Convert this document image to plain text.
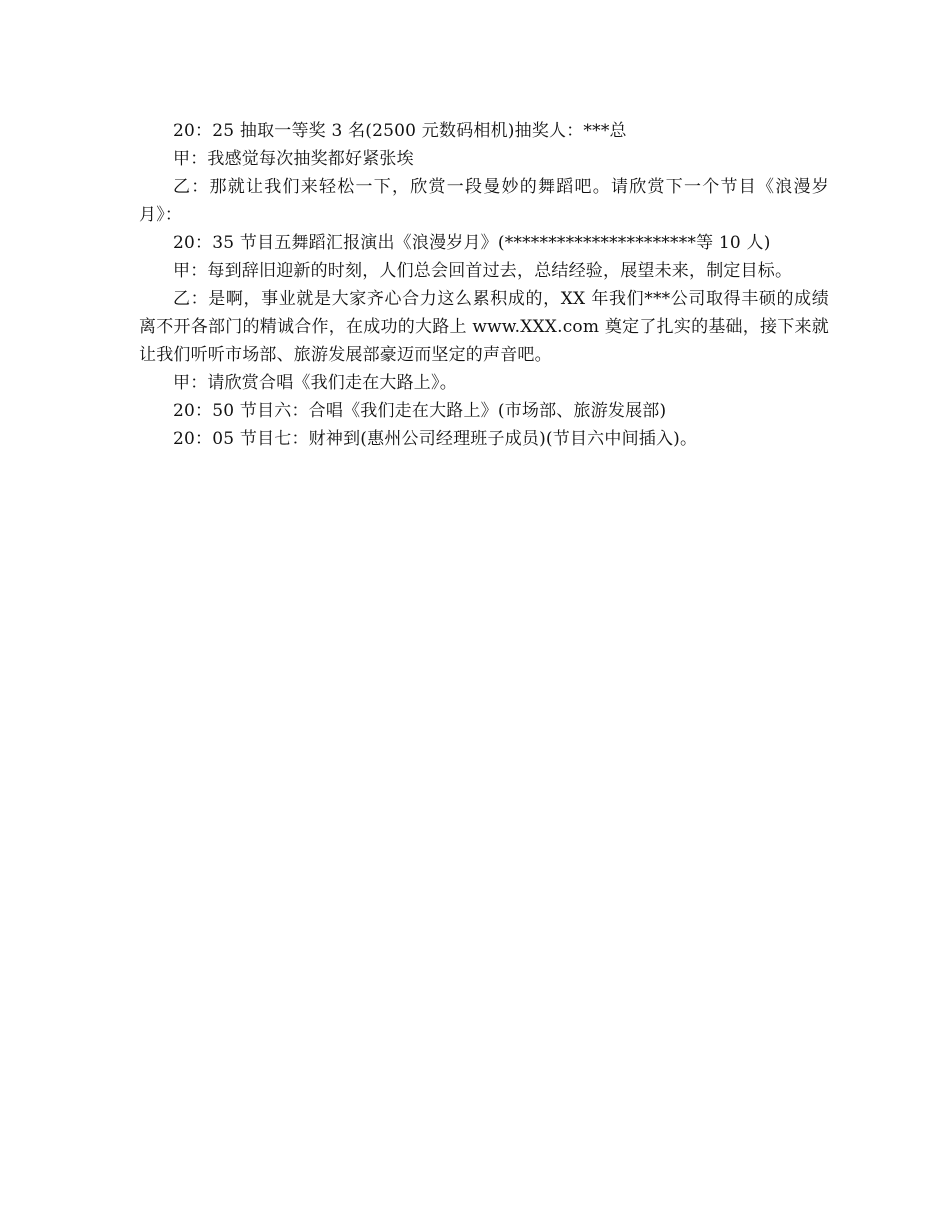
20：25 抽取一等奖 3 名(2500 元数码相机)抽奖人：***总

甲：我感觉每次抽奖都好紧张埃

乙：那就让我们来轻松一下，欣赏一段曼妙的舞蹈吧。请欣赏下一个节目《浪漫岁月》：

20：35 节目五舞蹈汇报演出《浪漫岁月》(**********************等 10 人)

甲：每到辞旧迎新的时刻，人们总会回首过去，总结经验，展望未来，制定目标。

乙：是啊，事业就是大家齐心合力这么累积成的，XX 年我们***公司取得丰硕的成绩离不开各部门的精诚合作，在成功的大路上 www.XXX.com 奠定了扎实的基础，接下来就让我们听听市场部、旅游发展部豪迈而坚定的声音吧。

甲：请欣赏合唱《我们走在大路上》。

20：50 节目六：合唱《我们走在大路上》(市场部、旅游发展部)

20：05 节目七：财神到(惠州公司经理班子成员)(节目六中间插入)。
